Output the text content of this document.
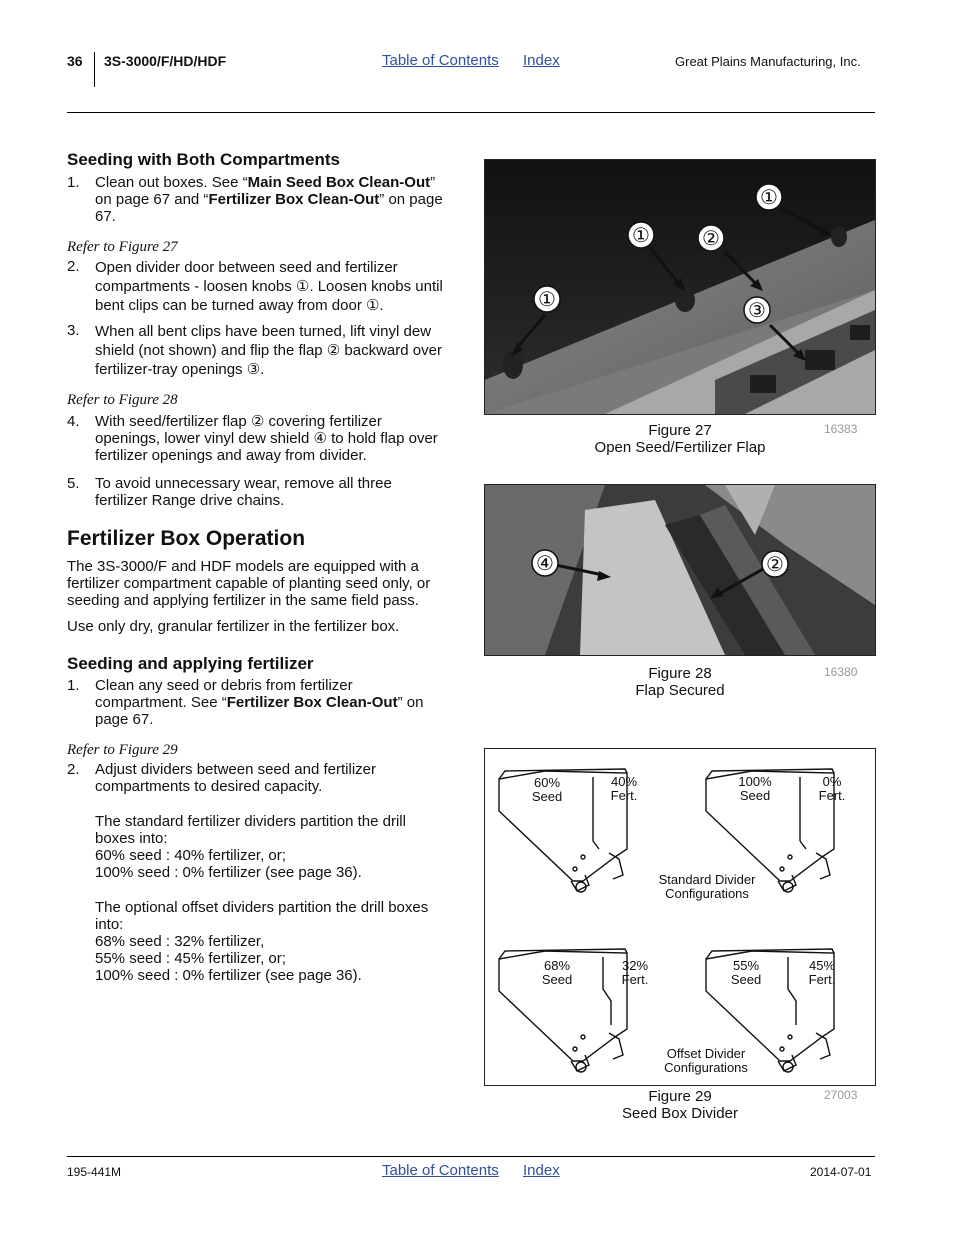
36 3S-3000/F/HD/HDF	Table of Contents Index	Great Plains Manufacturing, Inc.
Seeding with Both Compartments
1. Clean out boxes. See “Main Seed Box Clean-Out”
on page 67 and “Fertilizer Box Clean-Out” on page
67.
Refer to Figure 27
2. Open divider door between seed and fertilizer
compartments - loosen knobs ①. Loosen knobs until
bent clips can be turned away from door ①.
3. When all bent clips have been turned, lift vinyl dew
shield (not shown) and flip the flap ② backward over
fertilizer-tray openings ③.
Refer to Figure 28
4. With seed/fertilizer flap ② covering fertilizer
openings, lower vinyl dew shield ④ to hold flap over
fertilizer openings and away from divider.
5. To avoid unnecessary wear, remove all three
fertilizer Range drive chains.
Fertilizer Box Operation
The 3S-3000/F and HDF models are equipped with a
fertilizer compartment capable of planting seed only, or
seeding and applying fertilizer in the same field pass.
Use only dry, granular fertilizer in the fertilizer box.
Seeding and applying fertilizer
1. Clean any seed or debris from fertilizer
compartment. See “Fertilizer Box Clean-Out” on
page 67.
Refer to Figure 29
2. Adjust dividers between seed and fertilizer
compartments to desired capacity.
The standard fertilizer dividers partition the drill
boxes into:
60% seed : 40% fertilizer, or;
100% seed : 0% fertilizer (see page 36).
The optional offset dividers partition the drill boxes
into:
68% seed : 32% fertilizer,
55% seed : 45% fertilizer, or;
100% seed : 0% fertilizer (see page 36).
①
①
①
②
③
Figure 27
Open Seed/Fertilizer Flap
16383
④	②
Figure 28
Flap Secured
16380
60%
Seed
40%
Fert.
100%
Seed
0%
Fert.
Standard Divider
Configurations
68%
Seed
32%
Fert.
55%
Seed
45%
Fert.
Offset Divider
Configurations
Figure 29
Seed Box Divider
27003
195-441M	Table of Contents Index	2014-07-01
